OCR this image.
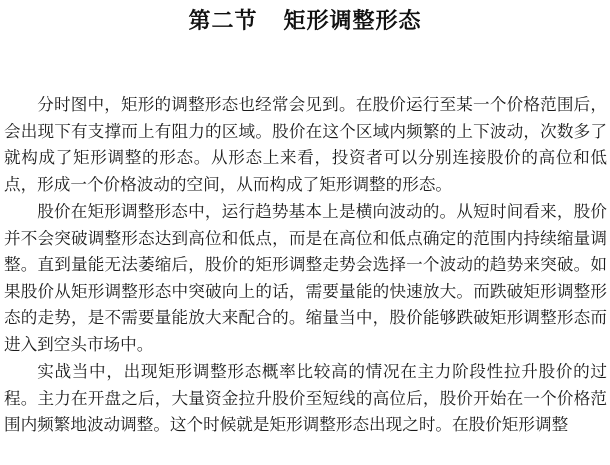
第二节 矩形调整形态

分时图中，矩形的调整形态也经常会见到。在股价运行至某一个价格范围后，会出现下有支撑而上有阻力的区域。股价在这个区域内频繁的上下波动，次数多了就构成了矩形调整的形态。从形态上来看，投资者可以分别连接股价的高位和低点，形成一个价格波动的空间，从而构成了矩形调整的形态。

股价在矩形调整形态中，运行趋势基本上是横向波动的。从短时间看来，股价并不会突破调整形态达到高位和低点，而是在高位和低点确定的范围内持续缩量调整。直到量能无法萎缩后，股价的矩形调整走势会选择一个波动的趋势来突破。如果股价从矩形调整形态中突破向上的话，需要量能的快速放大。而跌破矩形调整形态的走势，是不需要量能放大来配合的。缩量当中，股价能够跌破矩形调整形态而进入到空头市场中。

实战当中，出现矩形调整形态概率比较高的情况在主力阶段性拉升股价的过程。主力在开盘之后，大量资金拉升股价至短线的高位后，股价开始在一个价格范围内频繁地波动调整。这个时候就是矩形调整形态出现之时。在股价矩形调整
